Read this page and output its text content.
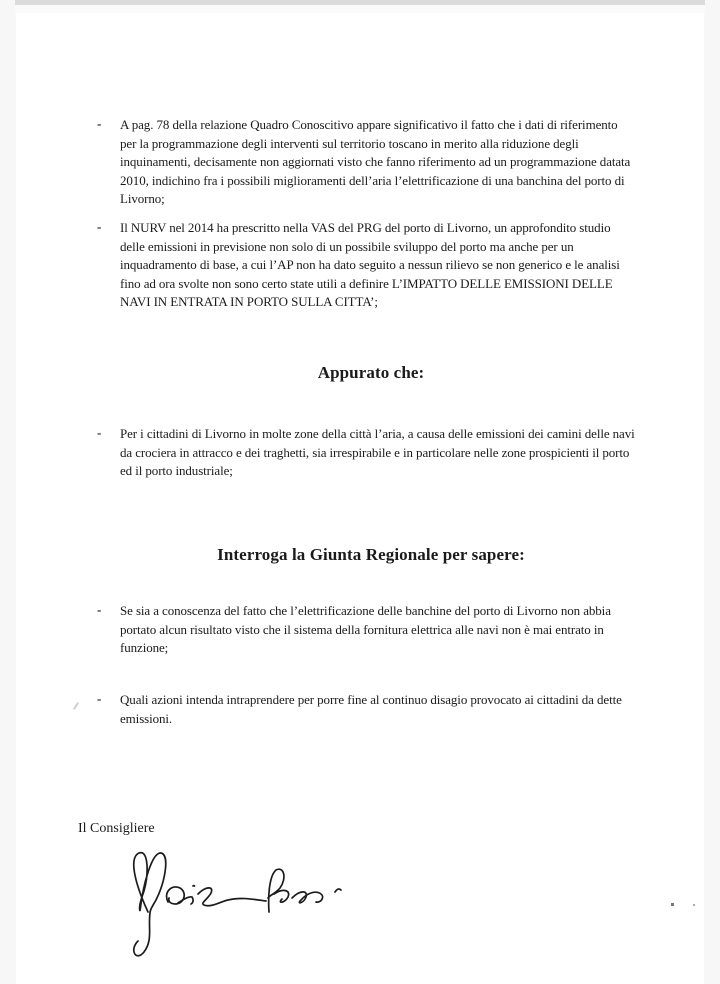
- A pag. 78 della relazione Quadro Conoscitivo appare significativo il fatto che i dati di riferimento
per la programmazione degli interventi sul territorio toscano in merito alla riduzione degli
inquinamenti, decisamente non aggiornati visto che fanno riferimento ad un programmazione datata
2010, indichino fra i possibili miglioramenti dell’aria l’elettrificazione di una banchina del porto di
Livorno;
- Il NURV nel 2014 ha prescritto nella VAS del PRG del porto di Livorno, un approfondito studio
delle emissioni in previsione non solo di un possibile sviluppo del porto ma anche per un
inquadramento di base, a cui l’AP non ha dato seguito a nessun rilievo se non generico e le analisi
fino ad ora svolte non sono certo state utili a definire L’IMPATTO DELLE EMISSIONI DELLE
NAVI IN ENTRATA IN PORTO SULLA CITTA’;
Appurato che:
- Per i cittadini di Livorno in molte zone della città l’aria, a causa delle emissioni dei camini delle navi
da crociera in attracco e dei traghetti, sia irrespirabile e in particolare nelle zone prospicienti il porto
ed il porto industriale;
Interroga la Giunta Regionale per sapere:
- Se sia a conoscenza del fatto che l’elettrificazione delle banchine del porto di Livorno non abbia
portato alcun risultato visto che il sistema della fornitura elettrica alle navi non è mai entrato in
funzione;
- Quali azioni intenda intraprendere per porre fine al continuo disagio provocato ai cittadini da dette
emissioni.
Il Consigliere
